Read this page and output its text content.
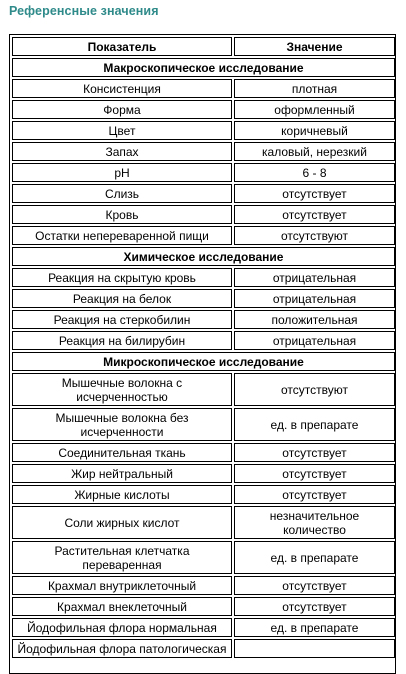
Референсные значения
Показатель	Значение
Макроскопическое исследование	
Консистенция	плотная
Форма	оформленный
Цвет	коричневый
Запах	каловый, нерезкий
pH	6 - 8
Слизь	отсутствует
Кровь	отсутствует
Остатки непереваренной пищи	отсутствуют
Химическое исследование	
Реакция на скрытую кровь	отрицательная
Реакция на белок	отрицательная
Реакция на стеркобилин	положительная
Реакция на билирубин	отрицательная
Микроскопическое исследование	
Мышечные волокна с исчерченностью	отсутствуют
Мышечные волокна без исчерченности	ед. в препарате
Соединительная ткань	отсутствует
Жир нейтральный	отсутствует
Жирные кислоты	отсутствует
Соли жирных кислот	незначительное количество
Растительная клетчатка переваренная	ед. в препарате
Крахмал внутриклеточный	отсутствует
Крахмал внеклеточный	отсутствует
Йодофильная флора нормальная	ед. в препарате
Йодофильная флора патологическая	
